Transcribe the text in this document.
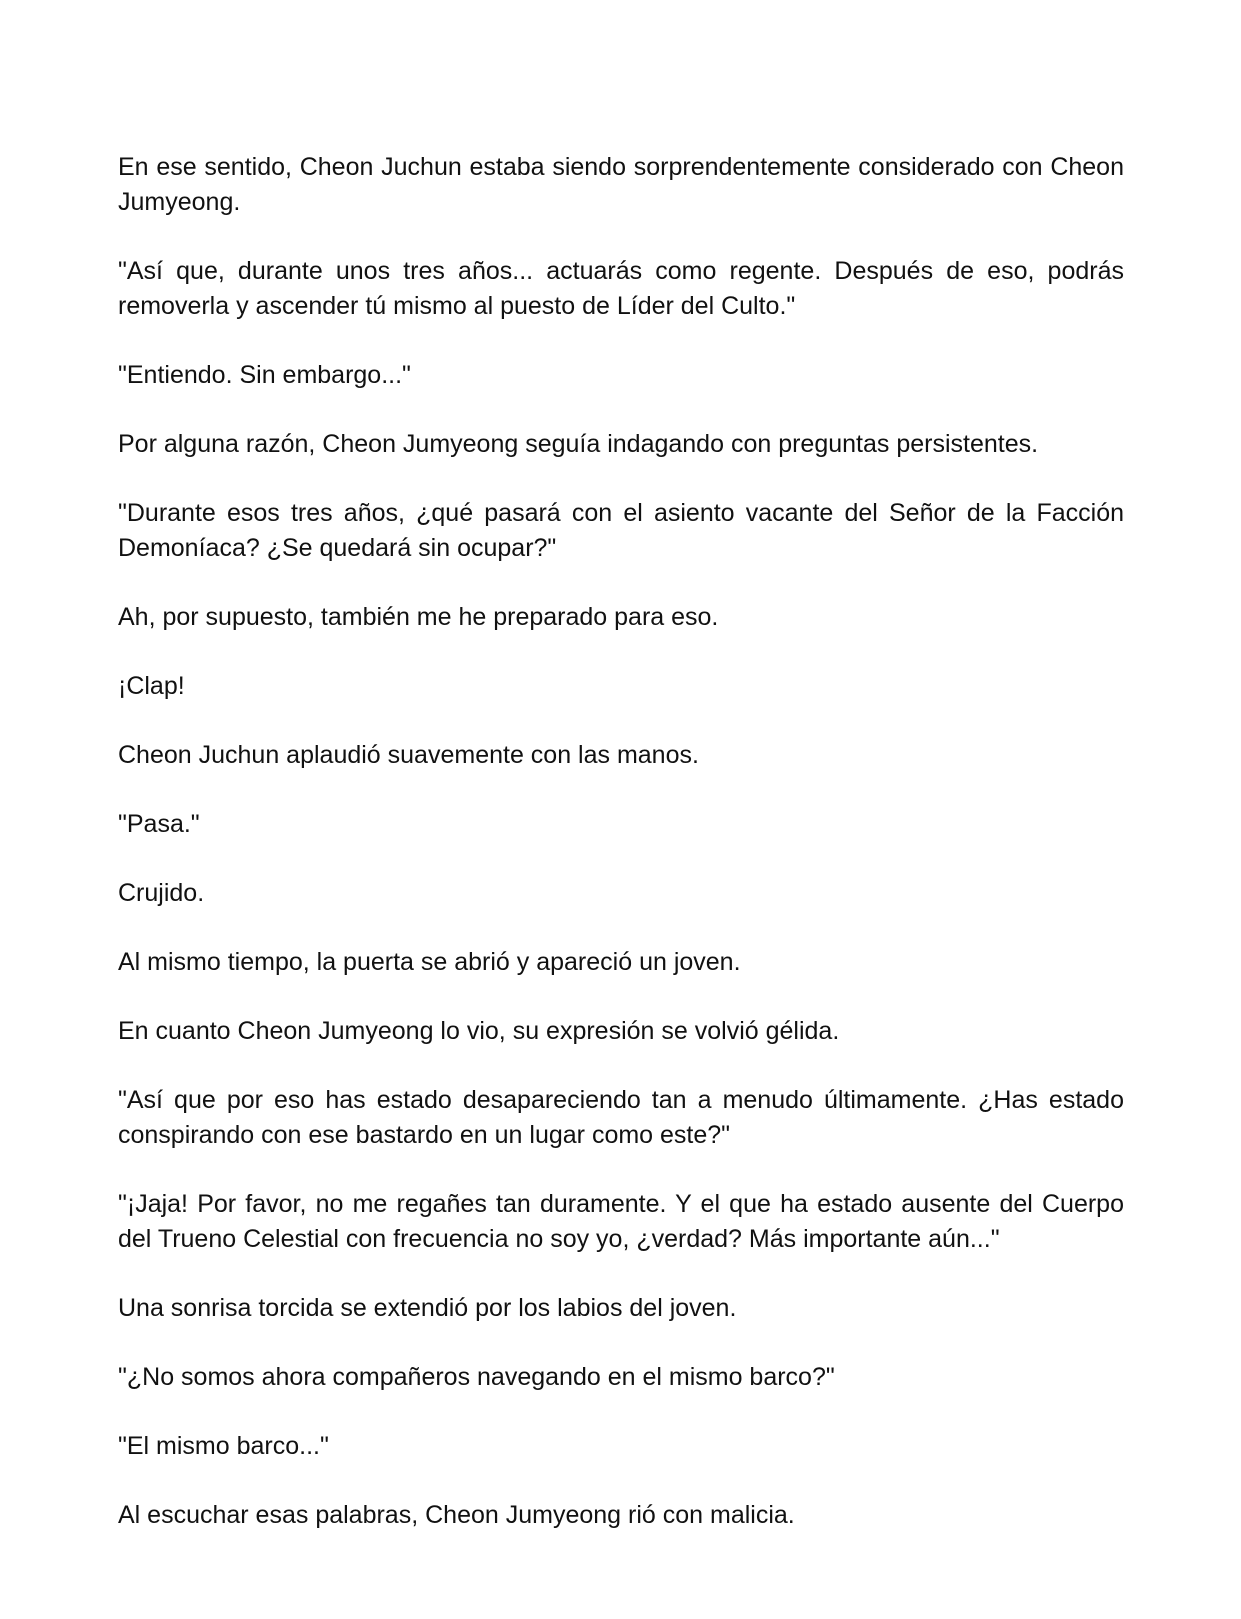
En ese sentido, Cheon Juchun estaba siendo sorprendentemente considerado con Cheon Jumyeong.

"Así que, durante unos tres años... actuarás como regente. Después de eso, podrás removerla y ascender tú mismo al puesto de Líder del Culto."

"Entiendo. Sin embargo..."

Por alguna razón, Cheon Jumyeong seguía indagando con preguntas persistentes.

"Durante esos tres años, ¿qué pasará con el asiento vacante del Señor de la Facción Demoníaca? ¿Se quedará sin ocupar?"

Ah, por supuesto, también me he preparado para eso.

¡Clap!

Cheon Juchun aplaudió suavemente con las manos.

"Pasa."

Crujido.

Al mismo tiempo, la puerta se abrió y apareció un joven.

En cuanto Cheon Jumyeong lo vio, su expresión se volvió gélida.

"Así que por eso has estado desapareciendo tan a menudo últimamente. ¿Has estado conspirando con ese bastardo en un lugar como este?"

"¡Jaja! Por favor, no me regañes tan duramente. Y el que ha estado ausente del Cuerpo del Trueno Celestial con frecuencia no soy yo, ¿verdad? Más importante aún..."

Una sonrisa torcida se extendió por los labios del joven.

"¿No somos ahora compañeros navegando en el mismo barco?"

"El mismo barco..."

Al escuchar esas palabras, Cheon Jumyeong rió con malicia.
